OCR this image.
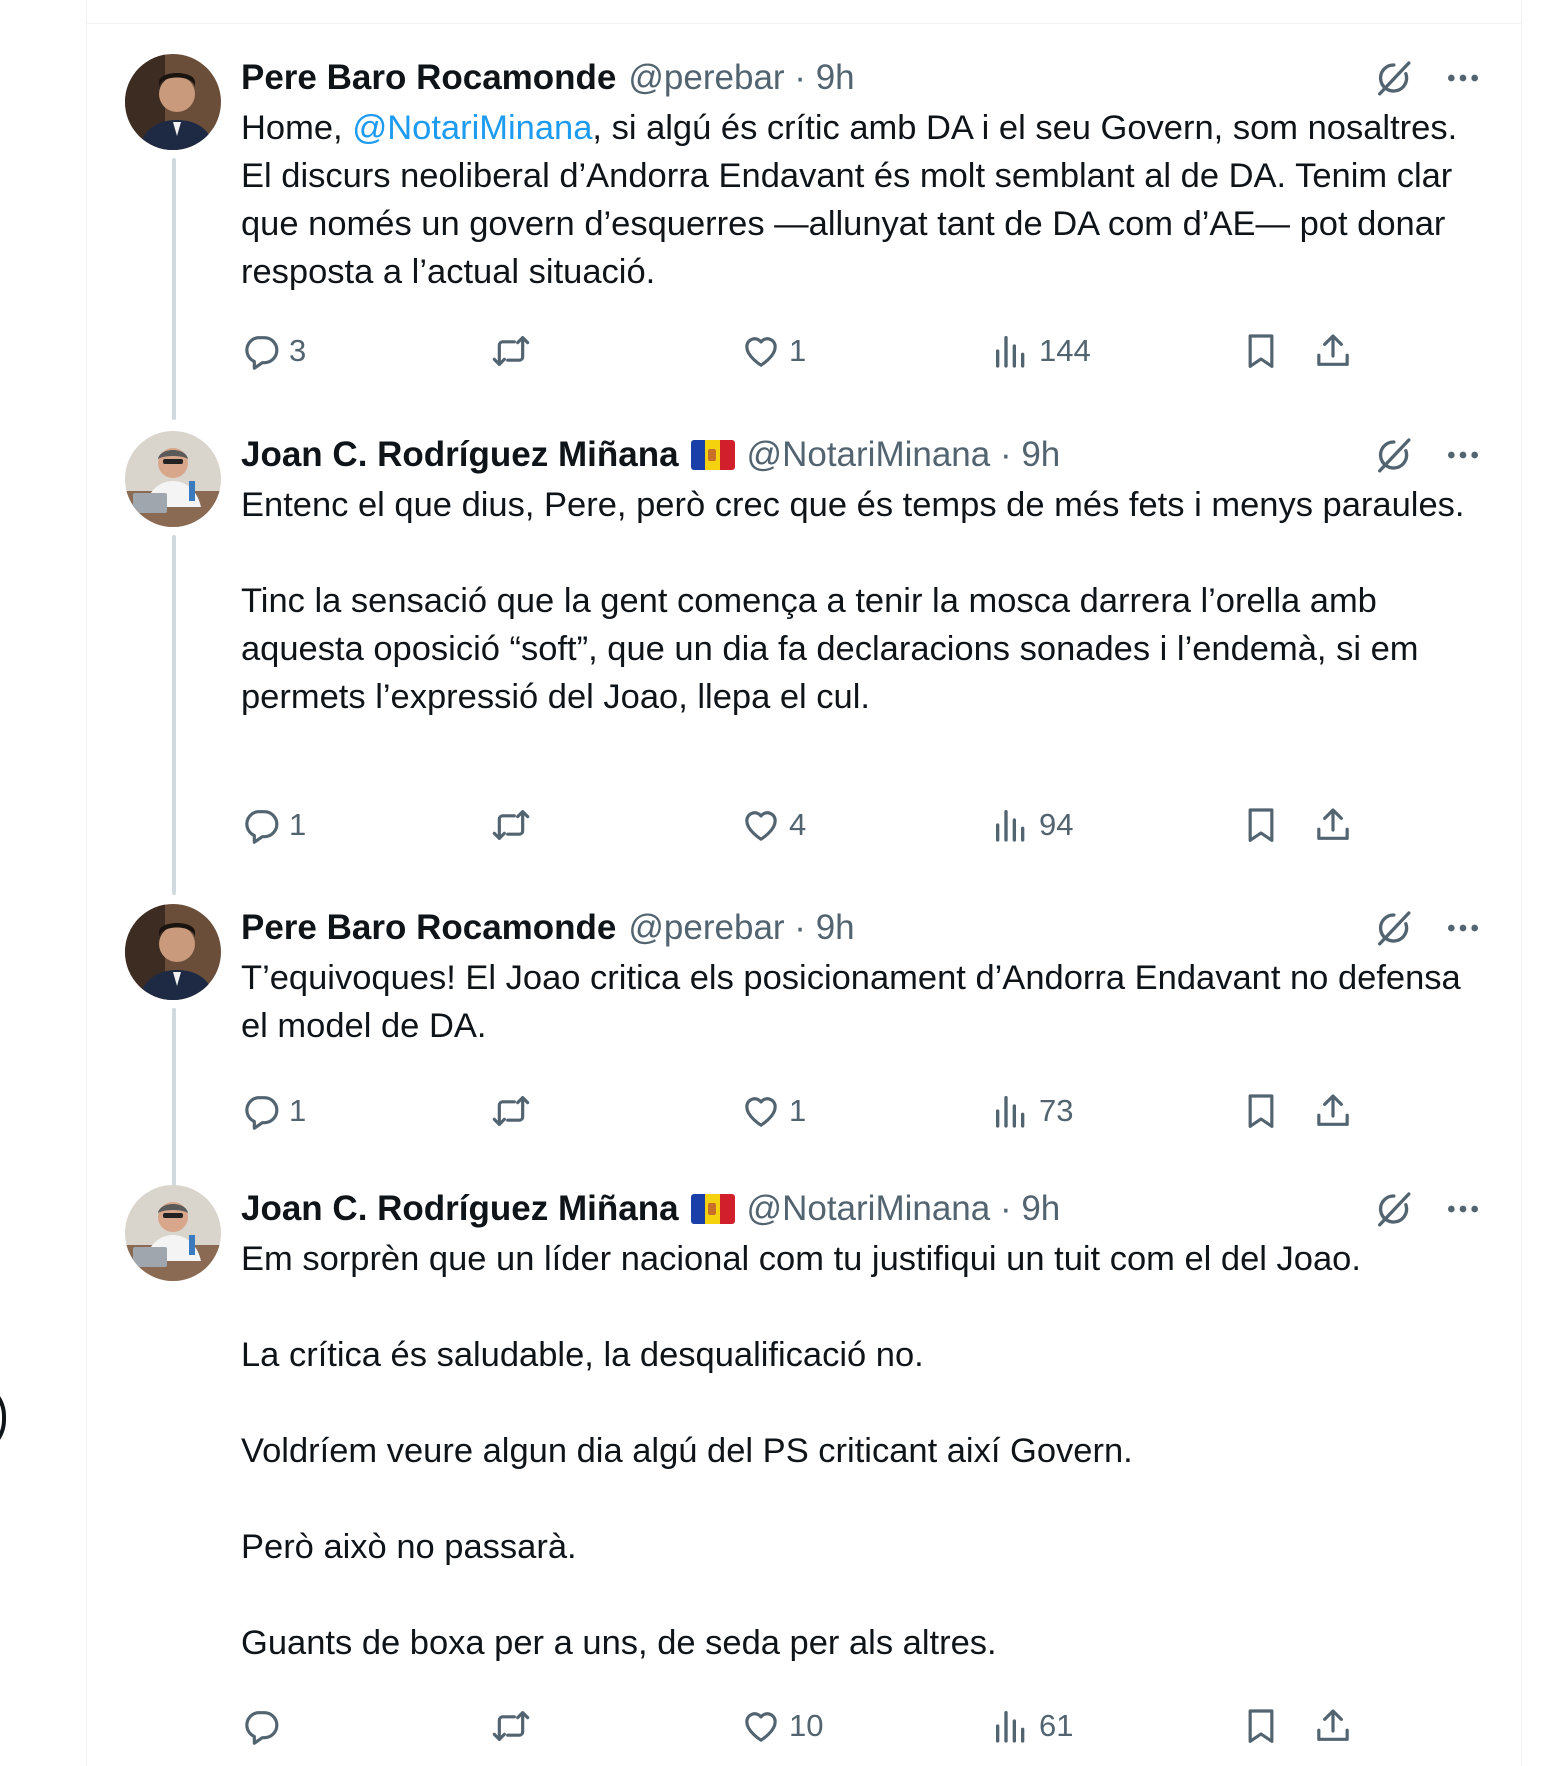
Pere Baro Rocamonde @perebar · 9h

Home, @NotariMinana, si algú és crític amb DA i el seu Govern, som nosaltres. El discurs neoliberal d’Andorra Endavant és molt semblant al de DA. Tenim clar que només un govern d’esquerres —allunyat tant de DA com d’AE— pot donar resposta a l’actual situació.

3	1	144
Joan C. Rodríguez Miñana @NotariMinana · 9h

Entenc el que dius, Pere, però crec que és temps de més fets i menys paraules.

Tinc la sensació que la gent comença a tenir la mosca darrera l’orella amb aquesta oposició “soft”, que un dia fa declaracions sonades i l’endemà, si em permets l’expressió del Joao, llepa el cul.

1	4	94
Pere Baro Rocamonde @perebar · 9h

T’equivoques! El Joao critica els posicionament d’Andorra Endavant no defensa el model de DA.

1	1	73
Joan C. Rodríguez Miñana @NotariMinana · 9h

Em sorprèn que un líder nacional com tu justifiqui un tuit com el del Joao.

La crítica és saludable, la desqualificació no.

Voldríem veure algun dia algú del PS criticant així Govern.

Però això no passarà.

Guants de boxa per a uns, de seda per als altres.

10	61
